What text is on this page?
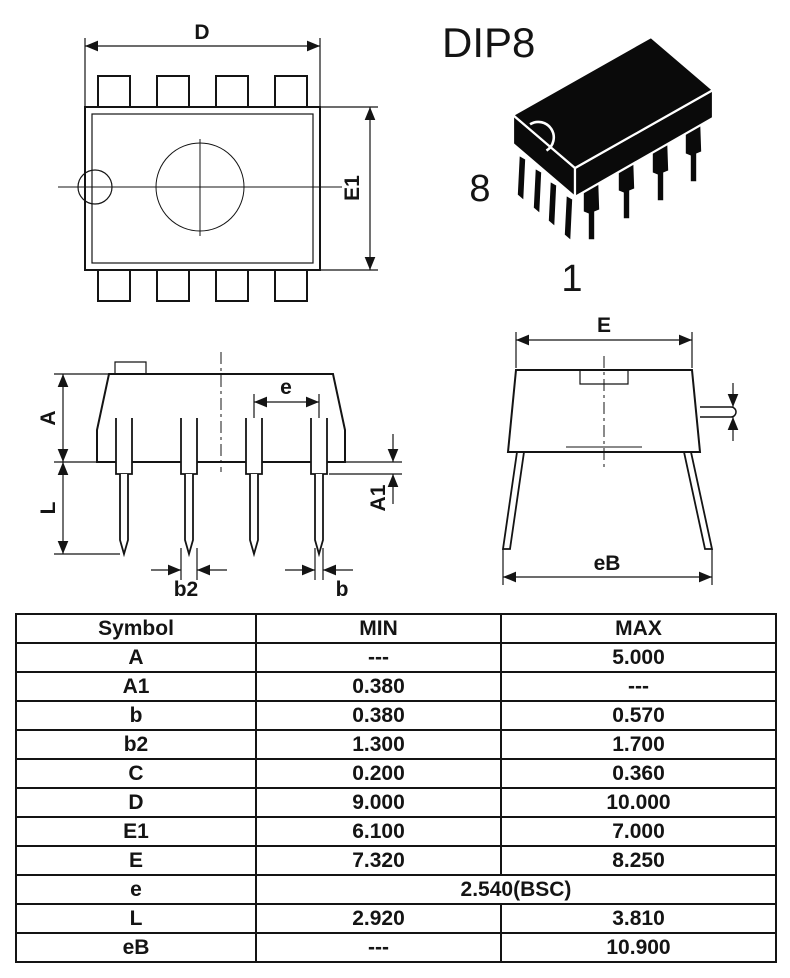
D
E1
DIP8
8
1
A
L
e
A1
b2	b
E
eB
Symbol	MIN	MAX
A	---	5.000
A1	0.380	---
b	0.380	0.570
b2	1.300	1.700
C	0.200	0.360
D	9.000	10.000
E1	6.100	7.000
E	7.320	8.250
e	2.540(BSC)	
L	2.920	3.810
eB	---	10.900
